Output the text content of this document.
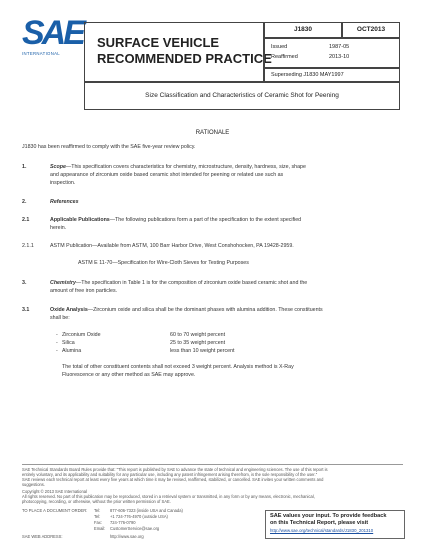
SAE
INTERNATIONAL
SURFACE VEHICLE
RECOMMENDED PRACTICE
J1830	OCT2013
Issued	1987-05
Reaffirmed	2013-10
Superseding J1830 MAY1997
Size Classification and Characteristics of Ceramic Shot for Peening
RATIONALE
J1830 has been reaffirmed to comply with the SAE five-year review policy.
1.	Scope—This specification covers characteristics for chemistry, microstructure, density, hardness, size, shape
and appearance of zirconium oxide based ceramic shot intended for peening or related use such as
inspection.
2.	References
2.1	Applicable Publications—The following publications form a part of the specification to the extent specified
herein.
2.1.1	ASTM Publication—Available from ASTM, 100 Barr Harbor Drive, West Conshohocken, PA 19428-2959.
ASTM E 11-70—Specification for Wire-Cloth Sieves for Testing Purposes
3.	Chemistry—The specification in Table 1 is for the composition of zirconium oxide based ceramic shot and the
amount of free iron particles.
3.1	Oxide Analysis—Zirconium oxide and silica shall be the dominant phases with alumina addition. These constituents
shall be:
- Zirconium Oxide	60 to 70 weight percent
- Silica	25 to 35 weight percent
- Alumina	less than 10 weight percent
The total of other constituent contents shall not exceed 3 weight percent. Analysis method is X-Ray
Fluorescence or any other method as SAE may approve.
SAE Technical Standards Board Rules provide that: "This report is published by SAE to advance the state of technical and engineering sciences. The use of this report is
entirely voluntary, and its applicability and suitability for any particular use, including any patent infringement arising therefrom, is the sole responsibility of the user."
SAE reviews each technical report at least every five years at which time it may be revised, reaffirmed, stabilized, or cancelled. SAE invites your written comments and
suggestions.
Copyright © 2013 SAE International
All rights reserved. No part of this publication may be reproduced, stored in a retrieval system or transmitted, in any form or by any means, electronic, mechanical,
photocopying, recording, or otherwise, without the prior written permission of SAE.
TO PLACE A DOCUMENT ORDER: Tel: 877-606-7323 (inside USA and Canada)
Tel: +1 724-776-4970 (outside USA)
Fax: 724-776-0790
Email: CustomerService@sae.org
SAE WEB ADDRESS:	http://www.sae.org
SAE values your input. To provide feedback
on this Technical Report, please visit
http://www.sae.org/technical/standards/J1830_201310
